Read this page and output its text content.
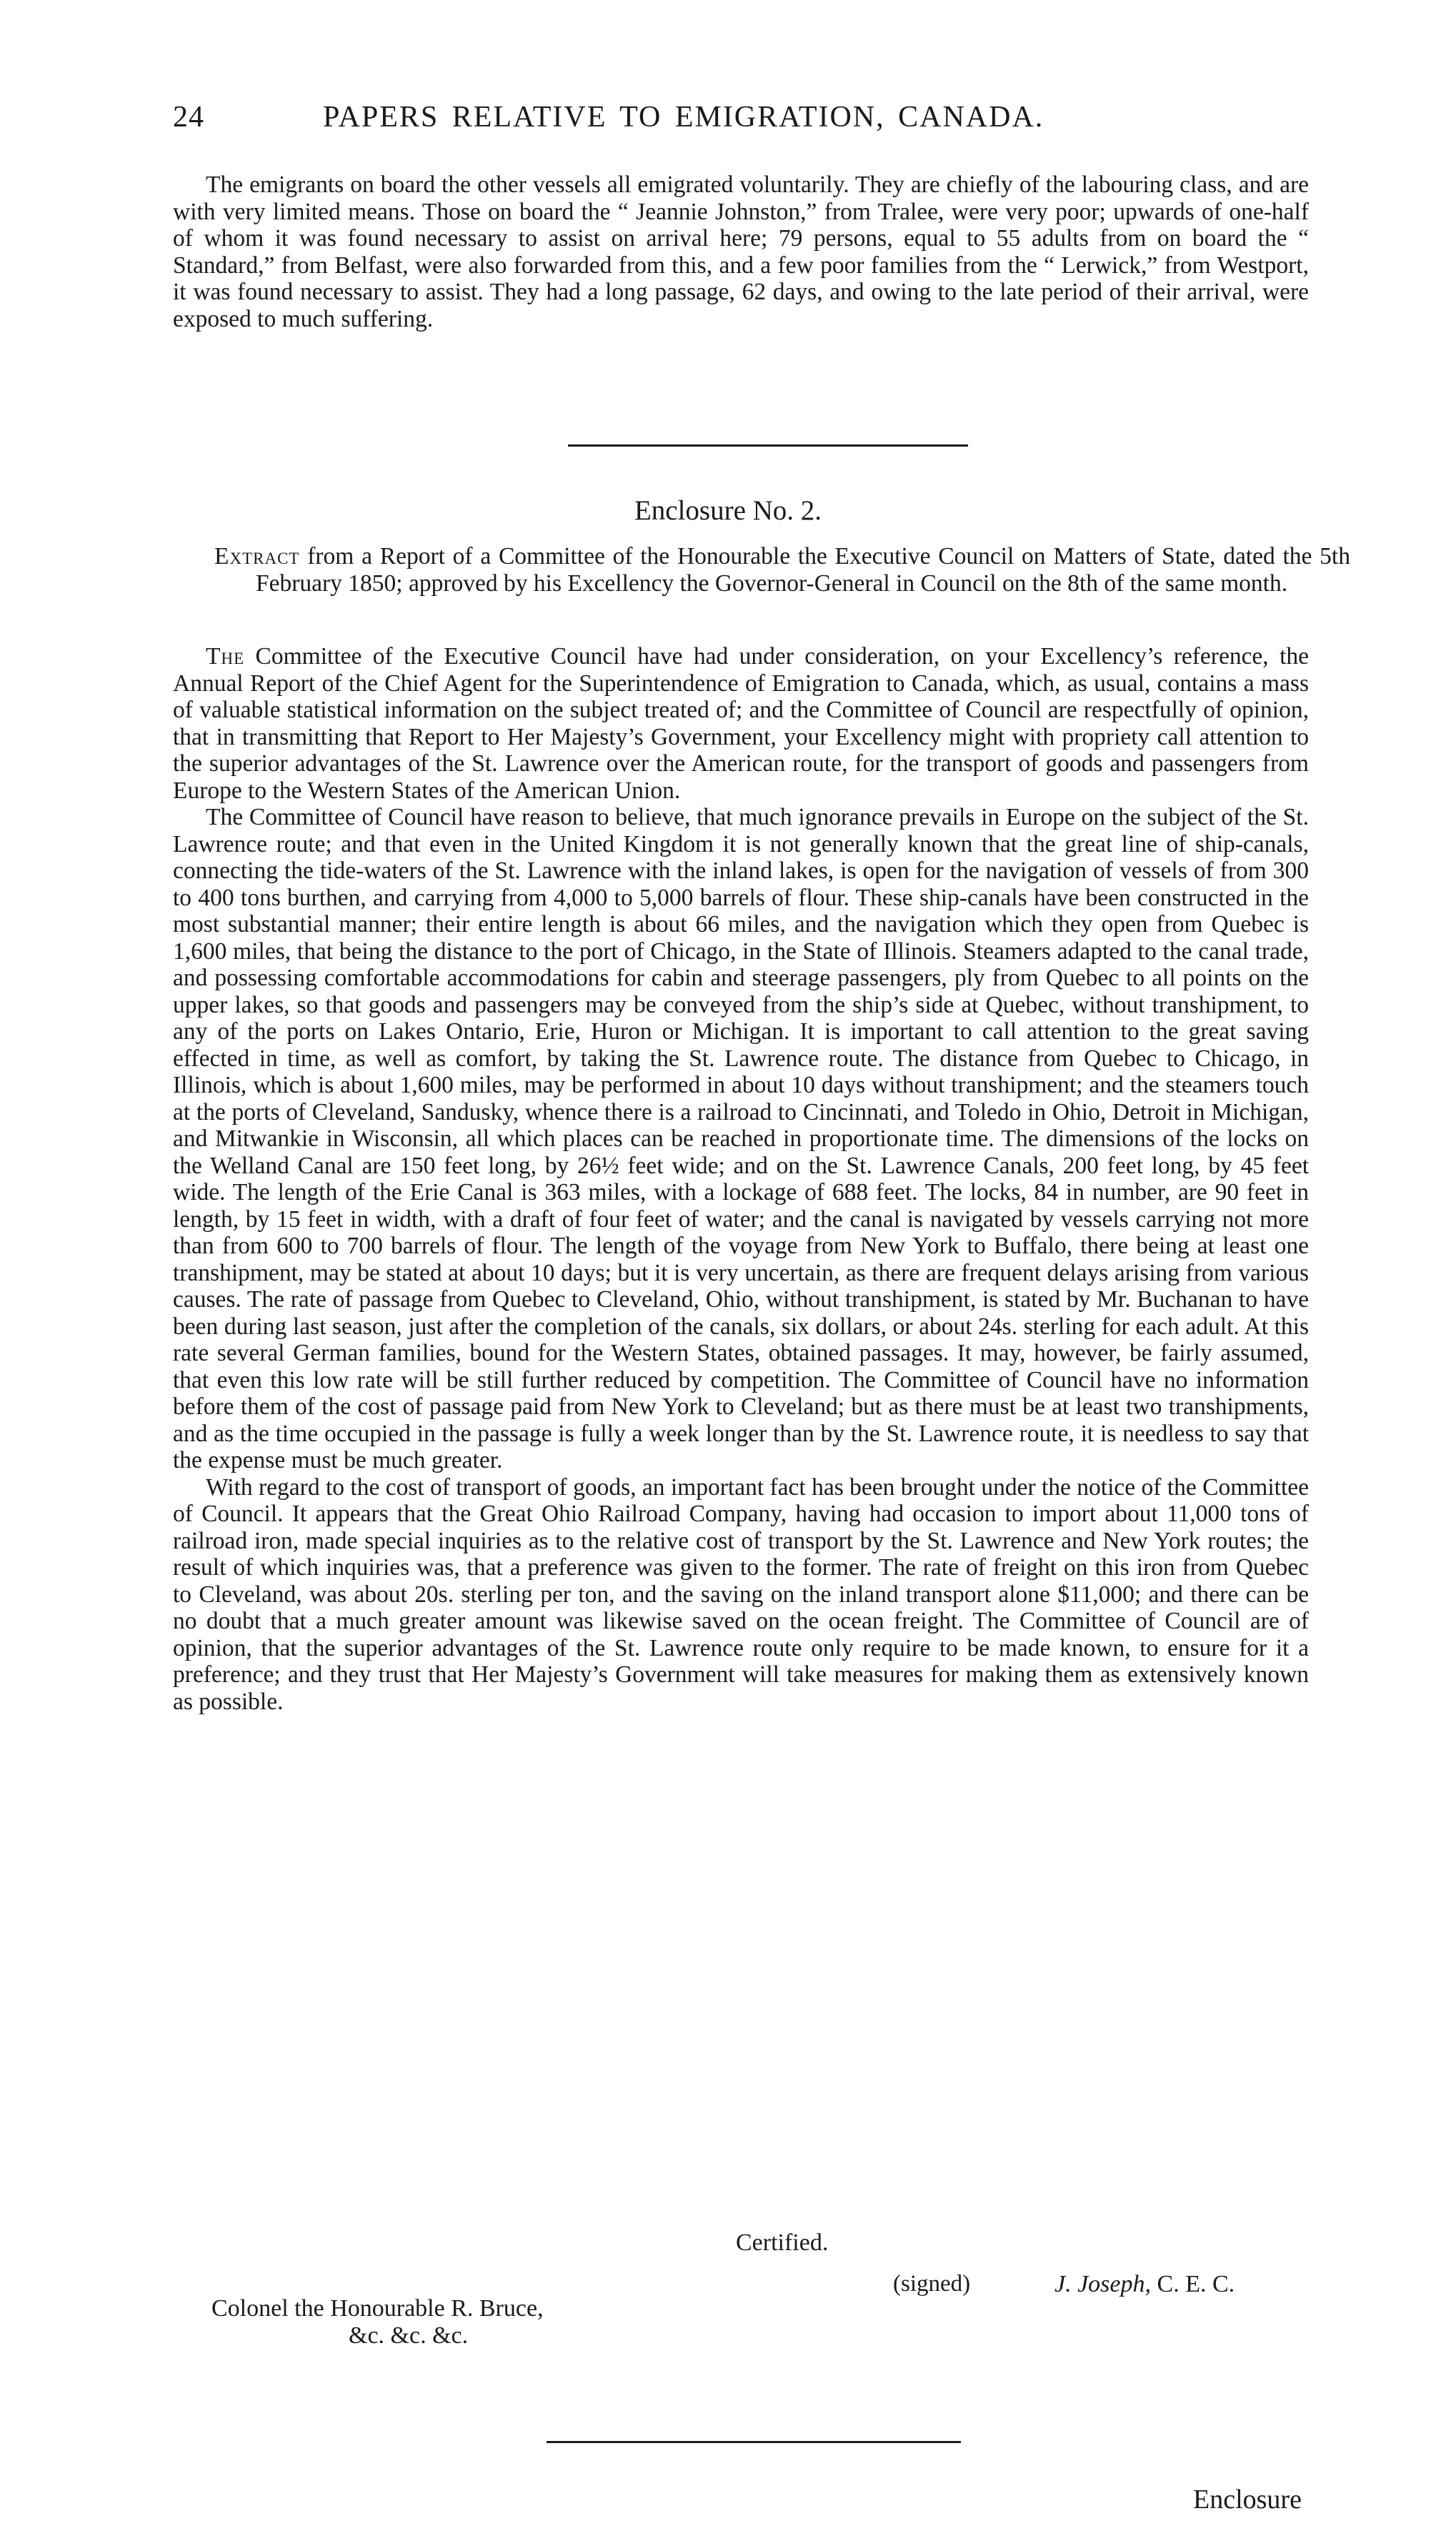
24	PAPERS RELATIVE TO EMIGRATION, CANADA.

The emigrants on board the other vessels all emigrated voluntarily. They are chiefly of the labouring class, and are with very limited means. Those on board the “ Jeannie Johnston,” from Tralee, were very poor; upwards of one-half of whom it was found necessary to assist on arrival here; 79 persons, equal to 55 adults from on board the “ Standard,” from Belfast, were also forwarded from this, and a few poor families from the “ Lerwick,” from Westport, it was found necessary to assist. They had a long passage, 62 days, and owing to the late period of their arrival, were exposed to much suffering.

Enclosure No. 2.
Extract from a Report of a Committee of the Honourable the Executive Council on Matters of State, dated the 5th February 1850; approved by his Excellency the Governor-General in Council on the 8th of the same month.

The Committee of the Executive Council have had under consideration, on your Excellency’s reference, the Annual Report of the Chief Agent for the Superintendence of Emigration to Canada, which, as usual, contains a mass of valuable statistical information on the subject treated of; and the Committee of Council are respectfully of opinion, that in transmitting that Report to Her Majesty’s Government, your Excellency might with propriety call attention to the superior advantages of the St. Lawrence over the American route, for the transport of goods and passengers from Europe to the Western States of the American Union.

The Committee of Council have reason to believe, that much ignorance prevails in Europe on the subject of the St. Lawrence route; and that even in the United Kingdom it is not generally known that the great line of ship-canals, connecting the tide-waters of the St. Lawrence with the inland lakes, is open for the navigation of vessels of from 300 to 400 tons burthen, and carrying from 4,000 to 5,000 barrels of flour. These ship-canals have been constructed in the most substantial manner; their entire length is about 66 miles, and the navigation which they open from Quebec is 1,600 miles, that being the distance to the port of Chicago, in the State of Illinois. Steamers adapted to the canal trade, and possessing comfortable accommodations for cabin and steerage passengers, ply from Quebec to all points on the upper lakes, so that goods and passengers may be conveyed from the ship’s side at Quebec, without transhipment, to any of the ports on Lakes Ontario, Erie, Huron or Michigan. It is important to call attention to the great saving effected in time, as well as comfort, by taking the St. Lawrence route. The distance from Quebec to Chicago, in Illinois, which is about 1,600 miles, may be performed in about 10 days without transhipment; and the steamers touch at the ports of Cleveland, Sandusky, whence there is a railroad to Cincinnati, and Toledo in Ohio, Detroit in Michigan, and Mitwankie in Wisconsin, all which places can be reached in proportionate time. The dimensions of the locks on the Welland Canal are 150 feet long, by 26½ feet wide; and on the St. Lawrence Canals, 200 feet long, by 45 feet wide. The length of the Erie Canal is 363 miles, with a lockage of 688 feet. The locks, 84 in number, are 90 feet in length, by 15 feet in width, with a draft of four feet of water; and the canal is navigated by vessels carrying not more than from 600 to 700 barrels of flour. The length of the voyage from New York to Buffalo, there being at least one transhipment, may be stated at about 10 days; but it is very uncertain, as there are frequent delays arising from various causes. The rate of passage from Quebec to Cleveland, Ohio, without transhipment, is stated by Mr. Buchanan to have been during last season, just after the completion of the canals, six dollars, or about 24s. sterling for each adult. At this rate several German families, bound for the Western States, obtained passages. It may, however, be fairly assumed, that even this low rate will be still further reduced by competition. The Committee of Council have no information before them of the cost of passage paid from New York to Cleveland; but as there must be at least two transhipments, and as the time occupied in the passage is fully a week longer than by the St. Lawrence route, it is needless to say that the expense must be much greater.

With regard to the cost of transport of goods, an important fact has been brought under the notice of the Committee of Council. It appears that the Great Ohio Railroad Company, having had occasion to import about 11,000 tons of railroad iron, made special inquiries as to the relative cost of transport by the St. Lawrence and New York routes; the result of which inquiries was, that a preference was given to the former. The rate of freight on this iron from Quebec to Cleveland, was about 20s. sterling per ton, and the saving on the inland transport alone $11,000; and there can be no doubt that a much greater amount was likewise saved on the ocean freight. The Committee of Council are of opinion, that the superior advantages of the St. Lawrence route only require to be made known, to ensure for it a preference; and they trust that Her Majesty’s Government will take measures for making them as extensively known as possible.

Certified.
(signed)	J. Joseph, C. E. C.
Colonel the Honourable R. Bruce,
&c. &c. &c.
Enclosure
